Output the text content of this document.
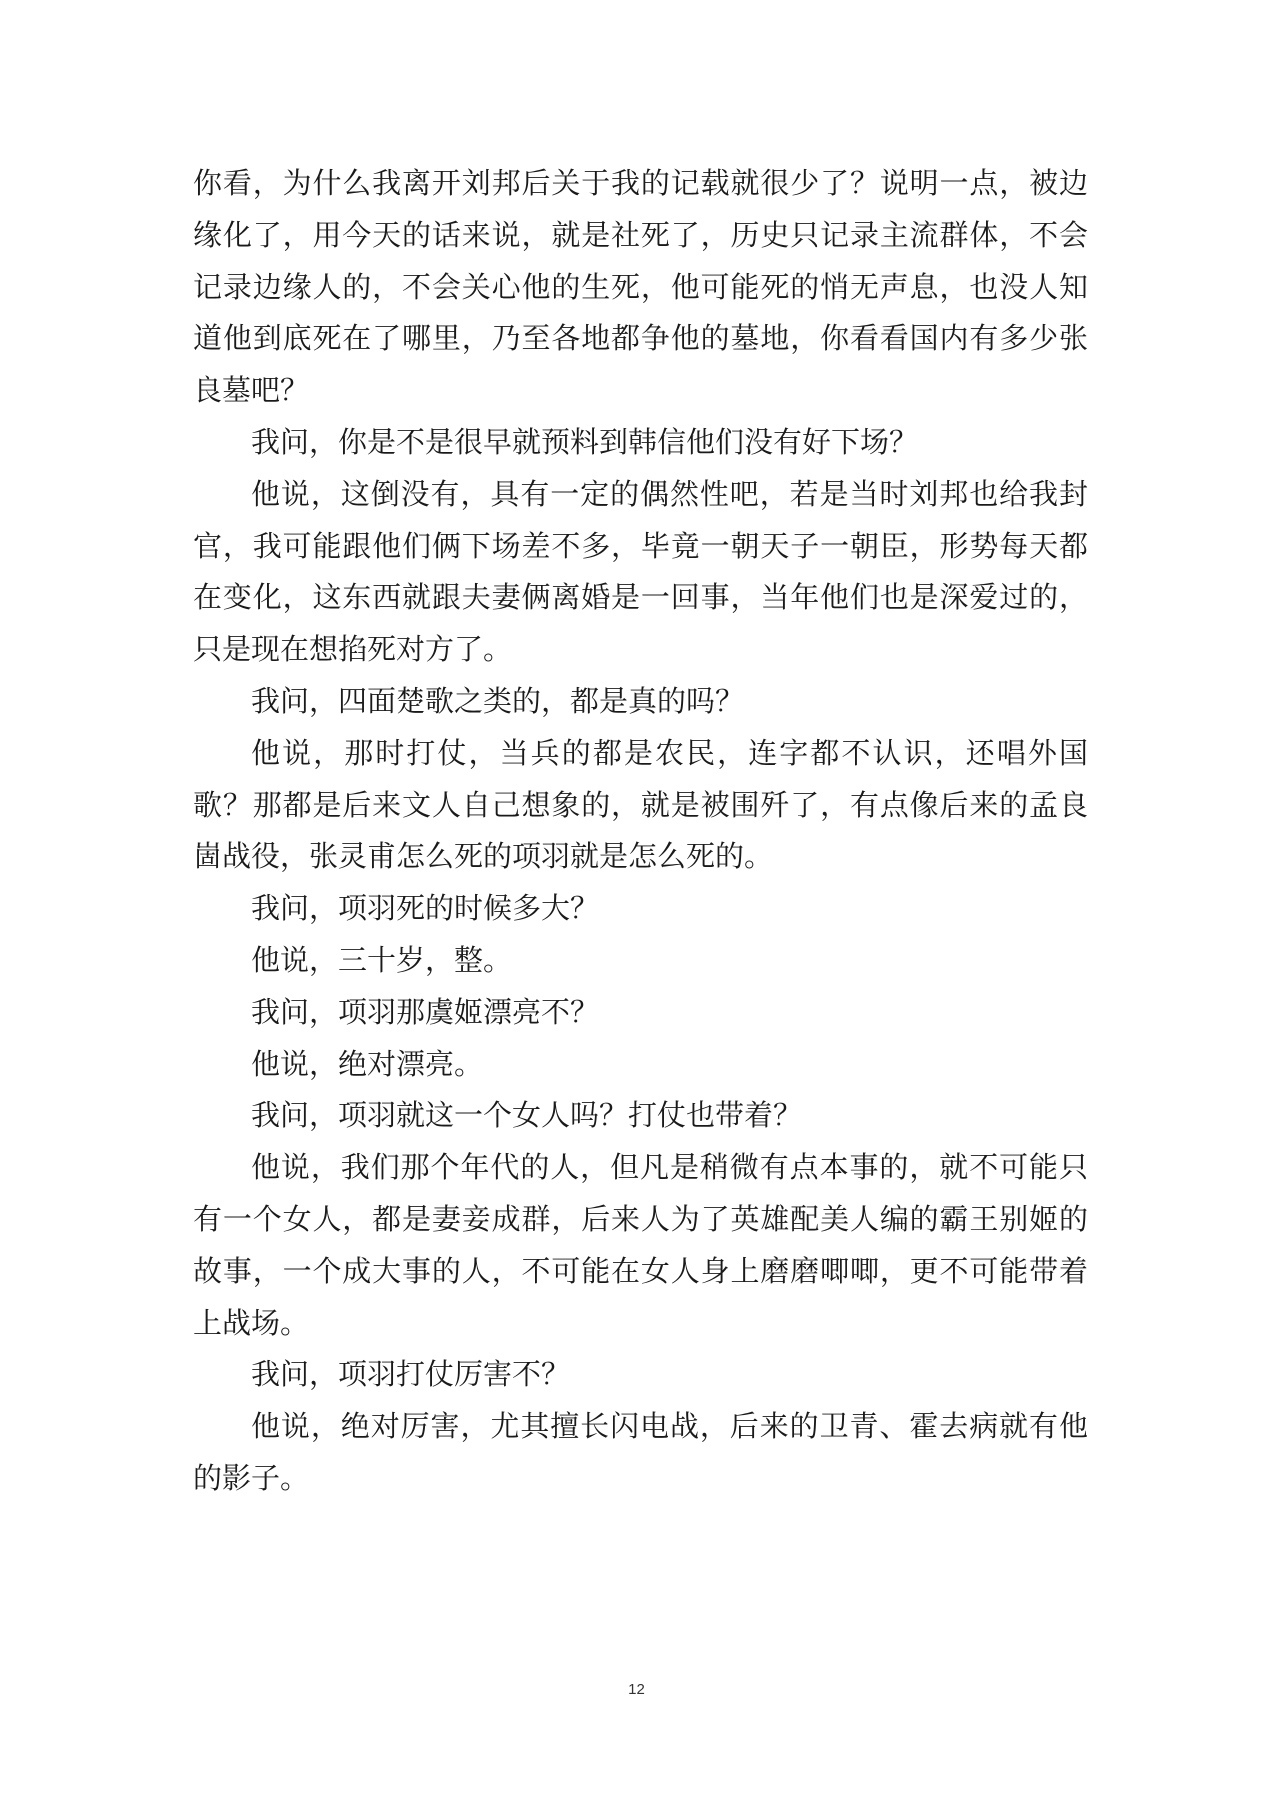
你看，为什么我离开刘邦后关于我的记载就很少了？说明一点，被边缘化了，用今天的话来说，就是社死了，历史只记录主流群体，不会记录边缘人的，不会关心他的生死，他可能死的悄无声息，也没人知道他到底死在了哪里，乃至各地都争他的墓地，你看看国内有多少张良墓吧？

我问，你是不是很早就预料到韩信他们没有好下场？

他说，这倒没有，具有一定的偶然性吧，若是当时刘邦也给我封官，我可能跟他们俩下场差不多，毕竟一朝天子一朝臣，形势每天都在变化，这东西就跟夫妻俩离婚是一回事，当年他们也是深爱过的，只是现在想掐死对方了。

我问，四面楚歌之类的，都是真的吗？

他说，那时打仗，当兵的都是农民，连字都不认识，还唱外国歌？那都是后来文人自己想象的，就是被围歼了，有点像后来的孟良崮战役，张灵甫怎么死的项羽就是怎么死的。

我问，项羽死的时候多大？

他说，三十岁，整。

我问，项羽那虞姬漂亮不？

他说，绝对漂亮。

我问，项羽就这一个女人吗？打仗也带着？

他说，我们那个年代的人，但凡是稍微有点本事的，就不可能只有一个女人，都是妻妾成群，后来人为了英雄配美人编的霸王别姬的故事，一个成大事的人，不可能在女人身上磨磨唧唧，更不可能带着上战场。

我问，项羽打仗厉害不？

他说，绝对厉害，尤其擅长闪电战，后来的卫青、霍去病就有他的影子。

12
